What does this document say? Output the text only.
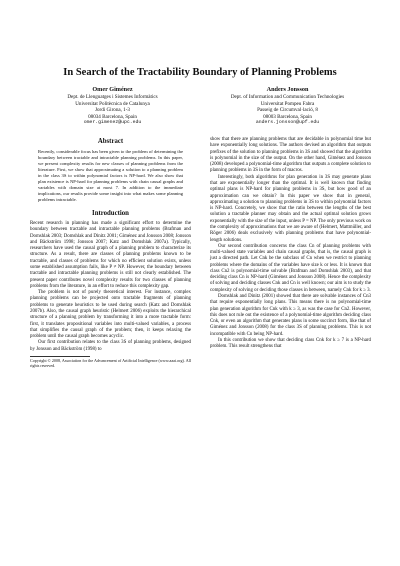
In Search of the Tractability Boundary of Planning Problems
Omer Giménez
Dept. de Llenguatges i Sistemes Informàtics
Universitat Politècnica de Catalunya
Jordi Girona, 1-3
08034 Barcelona, Spain
omer.gimenez@upc.edu
Anders Jonsson
Dept. of Information and Communication Technologies
Universitat Pompeu Fabra
Passeig de Circumval·lació, 8
08003 Barcelona, Spain
anders.jonsson@upf.edu
Abstract

Recently, considerable focus has been given to the problem of determining the boundary between tractable and intractable planning problems. In this paper, we present complexity results for new classes of planning problems from the literature. First, we show that approximating a solution to a planning problem in the class 3S to within polynomial factors is NP-hard. We also show that plan existence is NP-hard for planning problems with chain causal graphs and variables with domain size at most 7. In addition to the immediate implications, our results provide some insight into what makes some planning problems intractable.

Introduction

Recent research in planning has made a significant effort to determine the boundary between tractable and intractable planning problems (Brafman and Domshlak 2003; Domshlak and Dinitz 2001; Giménez and Jonsson 2008; Jonsson and Bäckström 1998; Jonsson 2007; Katz and Domshlak 2007a). Typically, researchers have used the causal graph of a planning problem to characterize its structure. As a result, there are classes of planning problems known to be tractable, and classes of problems for which no efficient solution exists, unless some established assumption fails, like P ≠ NP. However, the boundary between tractable and intractable planning problems is still not clearly established. The present paper contributes novel complexity results for two classes of planning problems from the literature, in an effort to reduce this complexity gap.

The problem is not of purely theoretical interest. For instance, complex planning problems can be projected onto tractable fragments of planning problems to generate heuristics to be used during search (Katz and Domshlak 2007b). Also, the causal graph heuristic (Helmert 2006) exploits the hierarchical structure of a planning problem by transforming it into a more tractable form: first, it translates propositional variables into multi-valued variables, a process that simplifies the causal graph of the problem; then, it keeps relaxing the problem until the causal graph becomes acyclic.

Our first contribution relates to the class 3S of planning problems, designed by Jonsson and Bäckström (1998) to

Copyright © 2008, Association for the Advancement of Artificial Intelligence (www.aaai.org). All rights reserved.

show that there are planning problems that are decidable in polynomial time but have exponentially long solutions. The authors devised an algorithm that outputs prefixes of the solution to planning problems in 3S and showed that the algorithm is polynomial in the size of the output. On the other hand, Giménez and Jonsson (2008) developed a polynomial-time algorithm that outputs a complete solution to planning problems in 3S in the form of macros.

Interestingly, both algorithms for plan generation in 3S may generate plans that are exponentially longer than the optimal. It is well known that finding optimal plans is NP-hard for planning problems in 3S, but how good of an approximation can we obtain? In this paper we show that in general, approximating a solution to planning problems in 3S to within polynomial factors is NP-hard. Concretely, we show that the ratio between the lengths of the best solution a tractable planner may obtain and the actual optimal solution grows exponentially with the size of the input, unless P = NP. The only previous work on the complexity of approximations that we are aware of (Helmert, Mattmüller, and Röger 2006) deals exclusively with planning problems that have polynomial-length solutions.

Our second contribution concerns the class Cn of planning problems with multi-valued state variables and chain causal graphs, that is, the causal graph is just a directed path. Let Cnk be the subclass of Cn when we restrict to planning problems where the domains of the variables have size k or less. It is known that class Cn2 is polynomial-time solvable (Brafman and Domshlak 2003), and that deciding class Cn is NP-hard (Giménez and Jonsson 2008). Hence the complexity of solving and deciding classes Cnk and Cn is well known; our aim is to study the complexity of solving or deciding those classes in between, namely Cnk for k ≥ 3.

Domshlak and Dinitz (2001) showed that there are solvable instances of Cn3 that require exponentially long plans. This means there is no polynomial-time plan generation algorithm for Cnk with k ≥ 3, as was the case for Cn2. However, this does not rule out the existence of a polynomial-time algorithm deciding class Cnk, or even an algorithm that generates plans in some succinct form, like that of Giménez and Jonsson (2008) for the class 3S of planning problems. This is not incompatible with Cn being NP-hard.

In this contribution we show that deciding class Cnk for k ≥ 7 is a NP-hard problem. This result strengthens that
